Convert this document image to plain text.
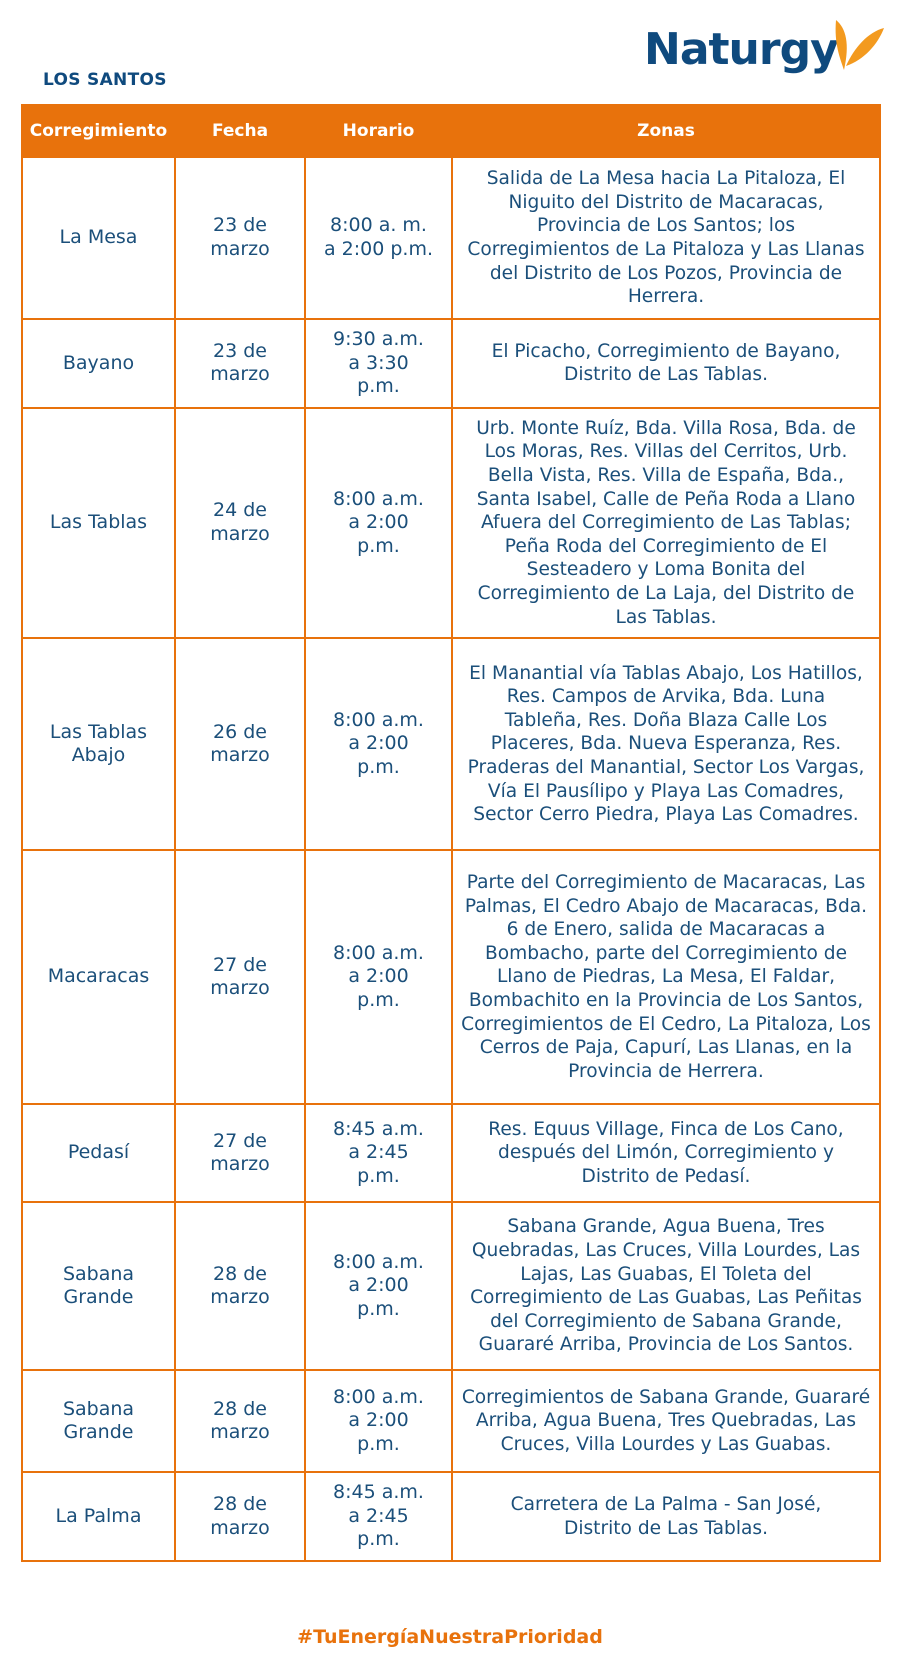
LOS SANTOS
Naturgy
Corregimiento	Fecha	Horario	Zonas
La Mesa	23 de marzo	8:00 a. m. a 2:00 p.m.	Salida de La Mesa hacia La Pitaloza, El Niguito del Distrito de Macaracas, Provincia de Los Santos; los Corregimientos de La Pitaloza y Las Llanas del Distrito de Los Pozos, Provincia de Herrera.
Bayano	23 de marzo	9:30 a.m. a 3:30 p.m.	El Picacho, Corregimiento de Bayano, Distrito de Las Tablas.
Las Tablas	24 de marzo	8:00 a.m. a 2:00 p.m.	Urb. Monte Ruíz, Bda. Villa Rosa, Bda. de Los Moras, Res. Villas del Cerritos, Urb. Bella Vista, Res. Villa de España, Bda., Santa Isabel, Calle de Peña Roda a Llano Afuera del Corregimiento de Las Tablas; Peña Roda del Corregimiento de El Sesteadero y Loma Bonita del Corregimiento de La Laja, del Distrito de Las Tablas.
Las Tablas Abajo	26 de marzo	8:00 a.m. a 2:00 p.m.	El Manantial vía Tablas Abajo, Los Hatillos, Res. Campos de Arvika, Bda. Luna Tableña, Res. Doña Blaza Calle Los Placeres, Bda. Nueva Esperanza, Res. Praderas del Manantial, Sector Los Vargas, Vía El Pausílipo y Playa Las Comadres, Sector Cerro Piedra, Playa Las Comadres.
Macaracas	27 de marzo	8:00 a.m. a 2:00 p.m.	Parte del Corregimiento de Macaracas, Las Palmas, El Cedro Abajo de Macaracas, Bda. 6 de Enero, salida de Macaracas a Bombacho, parte del Corregimiento de Llano de Piedras, La Mesa, El Faldar, Bombachito en la Provincia de Los Santos, Corregimientos de El Cedro, La Pitaloza, Los Cerros de Paja, Capurí, Las Llanas, en la Provincia de Herrera.
Pedasí	27 de marzo	8:45 a.m. a 2:45 p.m.	Res. Equus Village, Finca de Los Cano, después del Limón, Corregimiento y Distrito de Pedasí.
Sabana Grande	28 de marzo	8:00 a.m. a 2:00 p.m.	Sabana Grande, Agua Buena, Tres Quebradas, Las Cruces, Villa Lourdes, Las Lajas, Las Guabas, El Toleta del Corregimiento de Las Guabas, Las Peñitas del Corregimiento de Sabana Grande, Guararé Arriba, Provincia de Los Santos.
Sabana Grande	28 de marzo	8:00 a.m. a 2:00 p.m.	Corregimientos de Sabana Grande, Guararé Arriba, Agua Buena, Tres Quebradas, Las Cruces, Villa Lourdes y Las Guabas.
La Palma	28 de marzo	8:45 a.m. a 2:45 p.m.	Carretera de La Palma - San José, Distrito de Las Tablas.
#TuEnergíaNuestraPrioridad
